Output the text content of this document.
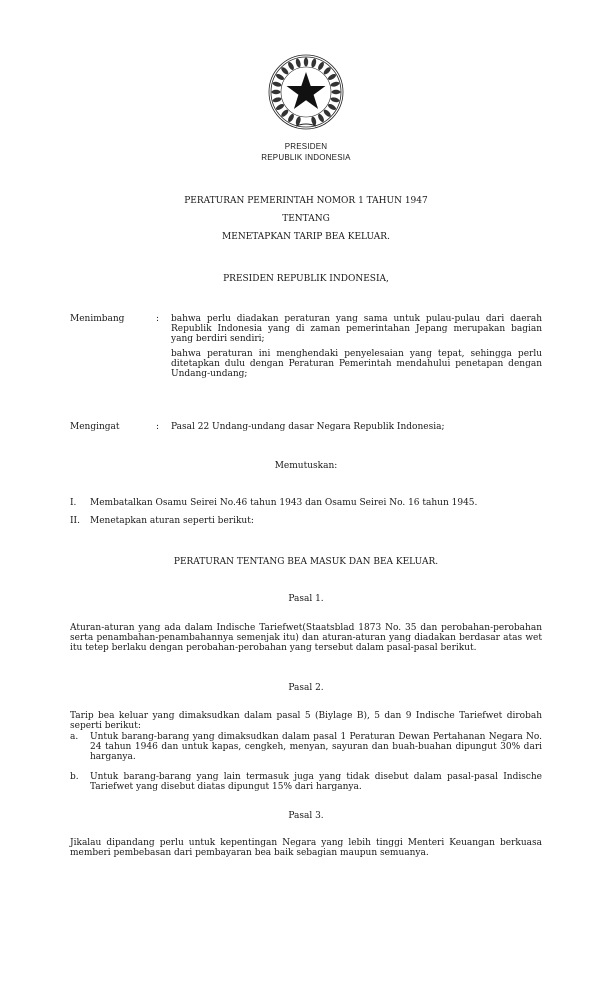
PRESIDEN
REPUBLIK INDONESIA
PERATURAN PEMERINTAH NOMOR 1 TAHUN 1947
TENTANG
MENETAPKAN TARIP BEA KELUAR.
PRESIDEN REPUBLIK INDONESIA,
Menimbang	: bahwa perlu diadakan peraturan yang sama untuk pulau-pulau dari daerah Republik Indonesia yang di zaman pemerintahan Jepang merupakan bagian yang berdiri sendiri;
bahwa peraturan ini menghendaki penyelesaian yang tepat, sehingga perlu ditetapkan dulu dengan Peraturan Pemerintah mendahului penetapan dengan Undang-undang;
Mengingat	: Pasal 22 Undang-undang dasar Negara Republik Indonesia;
Memutuskan:
I. Membatalkan Osamu Seirei No.46 tahun 1943 dan Osamu Seirei No. 16 tahun 1945.
II. Menetapkan aturan seperti berikut:
PERATURAN TENTANG BEA MASUK DAN BEA KELUAR.
Pasal 1.
Aturan-aturan yang ada dalam Indische Tariefwet(Staatsblad 1873 No. 35 dan perobahan-perobahan serta penambahan-penambahannya semenjak itu) dan aturan-aturan yang diadakan berdasar atas wet itu tetep berlaku dengan perobahan-perobahan yang tersebut dalam pasal-pasal berikut.
Pasal 2.
Tarip bea keluar yang dimaksudkan dalam pasal 5 (Biylage B), 5 dan 9 Indische Tariefwet dirobah seperti berikut:
a. Untuk barang-barang yang dimaksudkan dalam pasal 1 Peraturan Dewan Pertahanan Negara No. 24 tahun 1946 dan untuk kapas, cengkeh, menyan, sayuran dan buah-buahan dipungut 30% dari harganya.
b. Untuk barang-barang yang lain termasuk juga yang tidak disebut dalam pasal-pasal Indische Tariefwet yang disebut diatas dipungut 15% dari harganya.
Pasal 3.
Jikalau dipandang perlu untuk kepentingan Negara yang lebih tinggi Menteri Keuangan berkuasa memberi pembebasan dari pembayaran bea baik sebagian maupun semuanya.
